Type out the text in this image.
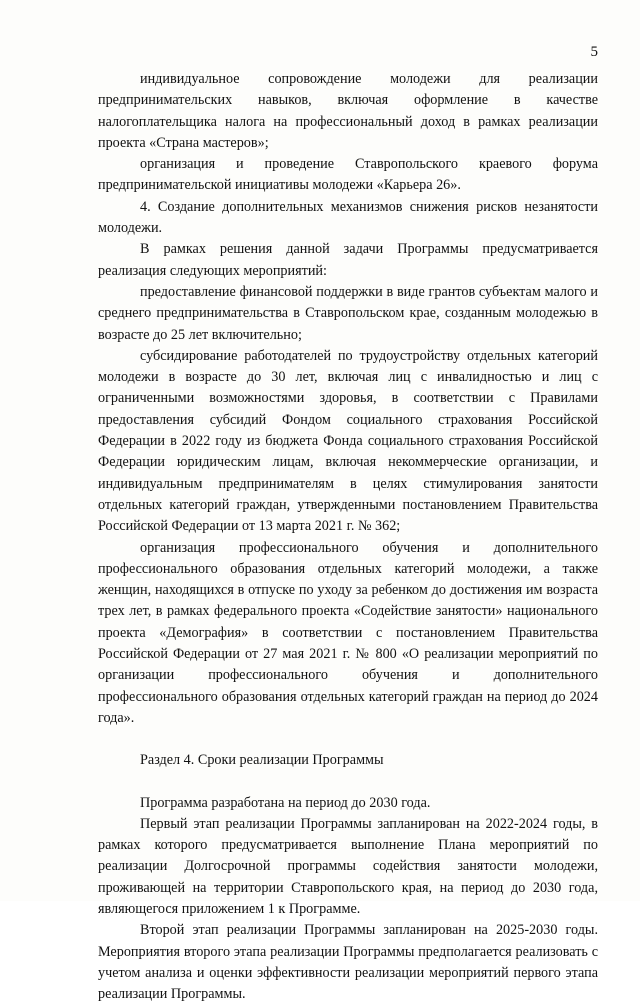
5

индивидуальное сопровождение молодежи для реализации предпринимательских навыков, включая оформление в качестве налогоплательщика налога на профессиональный доход в рамках реализации проекта «Страна мастеров»;

организация и проведение Ставропольского краевого форума предпринимательской инициативы молодежи «Карьера 26».

4. Создание дополнительных механизмов снижения рисков незанятости молодежи.

В рамках решения данной задачи Программы предусматривается реализация следующих мероприятий:

предоставление финансовой поддержки в виде грантов субъектам малого и среднего предпринимательства в Ставропольском крае, созданным молодежью в возрасте до 25 лет включительно;

субсидирование работодателей по трудоустройству отдельных категорий молодежи в возрасте до 30 лет, включая лиц с инвалидностью и лиц с ограниченными возможностями здоровья, в соответствии с Правилами предоставления субсидий Фондом социального страхования Российской Федерации в 2022 году из бюджета Фонда социального страхования Российской Федерации юридическим лицам, включая некоммерческие организации, и индивидуальным предпринимателям в целях стимулирования занятости отдельных категорий граждан, утвержденными постановлением Правительства Российской Федерации от 13 марта 2021 г. № 362;

организация профессионального обучения и дополнительного профессионального образования отдельных категорий молодежи, а также женщин, находящихся в отпуске по уходу за ребенком до достижения им возраста трех лет, в рамках федерального проекта «Содействие занятости» национального проекта «Демография» в соответствии с постановлением Правительства Российской Федерации от 27 мая 2021 г. № 800 «О реализации мероприятий по организации профессионального обучения и дополнительного профессионального образования отдельных категорий граждан на период до 2024 года».

Раздел 4. Сроки реализации Программы

Программа разработана на период до 2030 года.

Первый этап реализации Программы запланирован на 2022-2024 годы, в рамках которого предусматривается выполнение Плана мероприятий по реализации Долгосрочной программы содействия занятости молодежи, проживающей на территории Ставропольского края, на период до 2030 года, являющегося приложением 1 к Программе.

Второй этап реализации Программы запланирован на 2025-2030 годы. Мероприятия второго этапа реализации Программы предполагается реализовать с учетом анализа и оценки эффективности реализации мероприятий первого этапа реализации Программы.
